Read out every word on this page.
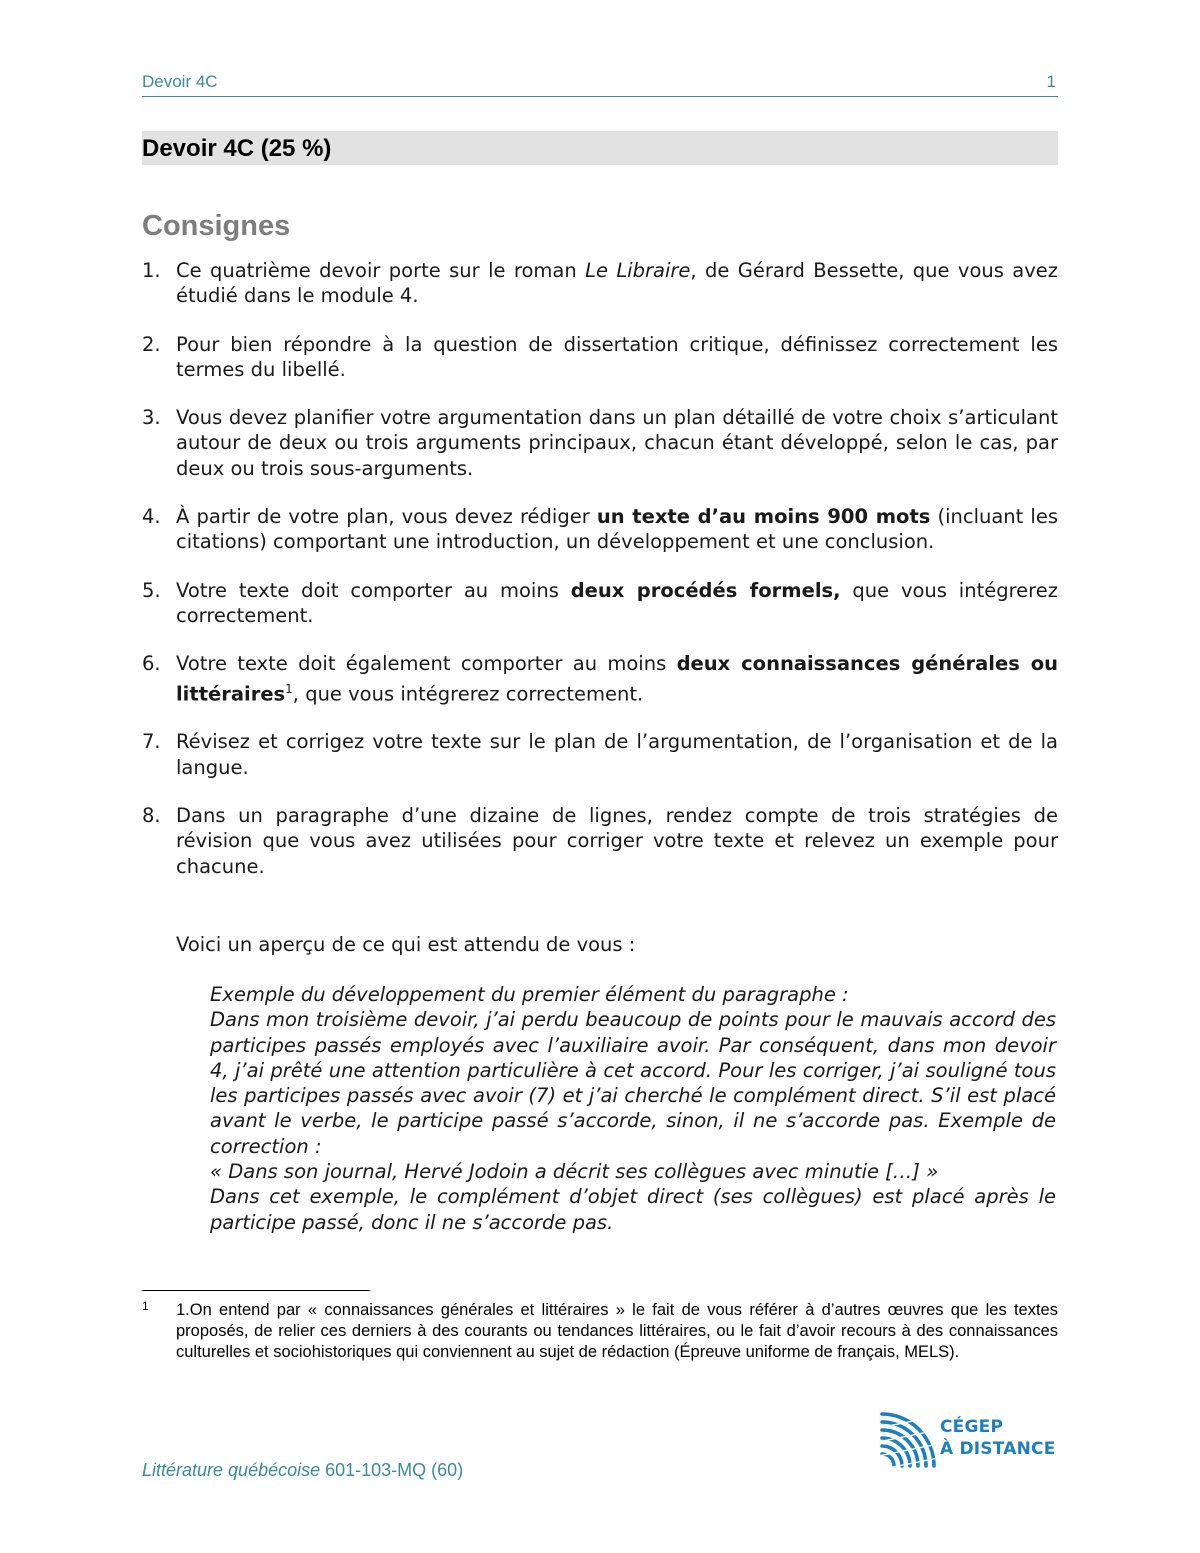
Devoir 4C	1
Devoir 4C (25 %)
Consignes
1. Ce quatrième devoir porte sur le roman Le Libraire, de Gérard Bessette, que vous avez étudié dans le module 4.
2. Pour bien répondre à la question de dissertation critique, définissez correctement les termes du libellé.
3. Vous devez planifier votre argumentation dans un plan détaillé de votre choix s’articulant autour de deux ou trois arguments principaux, chacun étant développé, selon le cas, par deux ou trois sous-arguments.
4. À partir de votre plan, vous devez rédiger un texte d’au moins 900 mots (incluant les citations) comportant une introduction, un développement et une conclusion.
5. Votre texte doit comporter au moins deux procédés formels, que vous intégrerez correctement.
6. Votre texte doit également comporter au moins deux connaissances générales ou littéraires$^1$, que vous intégrerez correctement.
7. Révisez et corrigez votre texte sur le plan de l’argumentation, de l’organisation et de la langue.
8. Dans un paragraphe d’une dizaine de lignes, rendez compte de trois stratégies de révision que vous avez utilisées pour corriger votre texte et relevez un exemple pour chacune.
Voici un aperçu de ce qui est attendu de vous :
Exemple du développement du premier élément du paragraphe :
Dans mon troisième devoir, j’ai perdu beaucoup de points pour le mauvais accord des participes passés employés avec l’auxiliaire avoir. Par conséquent, dans mon devoir 4, j’ai prêté une attention particulière à cet accord. Pour les corriger, j’ai souligné tous les participes passés avec avoir (7) et j’ai cherché le complément direct. S’il est placé avant le verbe, le participe passé s’accorde, sinon, il ne s’accorde pas. Exemple de correction :
« Dans son journal, Hervé Jodoin a décrit ses collègues avec minutie […] »
Dans cet exemple, le complément d’objet direct (ses collègues) est placé après le participe passé, donc il ne s’accorde pas.
1 1.On entend par « connaissances générales et littéraires » le fait de vous référer à d’autres œuvres que les textes proposés, de relier ces derniers à des courants ou tendances littéraires, ou le fait d’avoir recours à des connaissances culturelles et sociohistoriques qui conviennent au sujet de rédaction (Épreuve uniforme de français, MELS).
Littérature québécoise 601-103-MQ (60)
CÉGEP
À DISTANCE
